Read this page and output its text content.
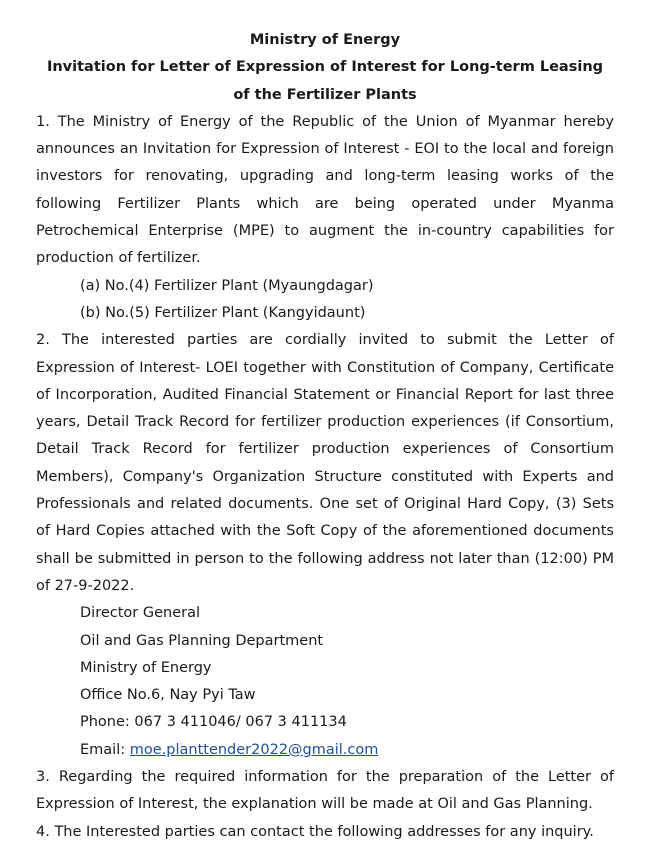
Ministry of Energy

Invitation for Letter of Expression of Interest for Long-term Leasing

of the Fertilizer Plants

1. The Ministry of Energy of the Republic of the Union of Myanmar hereby announces an Invitation for Expression of Interest - EOI to the local and foreign investors for renovating, upgrading and long-term leasing works of the following Fertilizer Plants which are being operated under Myanma Petrochemical Enterprise (MPE) to augment the in-country capabilities for production of fertilizer.

(a) No.(4) Fertilizer Plant (Myaungdagar)

(b) No.(5) Fertilizer Plant (Kangyidaunt)

2. The interested parties are cordially invited to submit the Letter of Expression of Interest- LOEI together with Constitution of Company, Certificate of Incorporation, Audited Financial Statement or Financial Report for last three years, Detail Track Record for fertilizer production experiences (if Consortium, Detail Track Record for fertilizer production experiences of Consortium Members), Company's Organization Structure constituted with Experts and Professionals and related documents. One set of Original Hard Copy, (3) Sets of Hard Copies attached with the Soft Copy of the aforementioned documents shall be submitted in person to the following address not later than (12:00) PM of 27-9-2022.

Director General

Oil and Gas Planning Department

Ministry of Energy

Office No.6, Nay Pyi Taw

Phone: 067 3 411046/ 067 3 411134

Email: moe.planttender2022@gmail.com

3. Regarding the required information for the preparation of the Letter of Expression of Interest, the explanation will be made at Oil and Gas Planning.

4. The Interested parties can contact the following addresses for any inquiry.
